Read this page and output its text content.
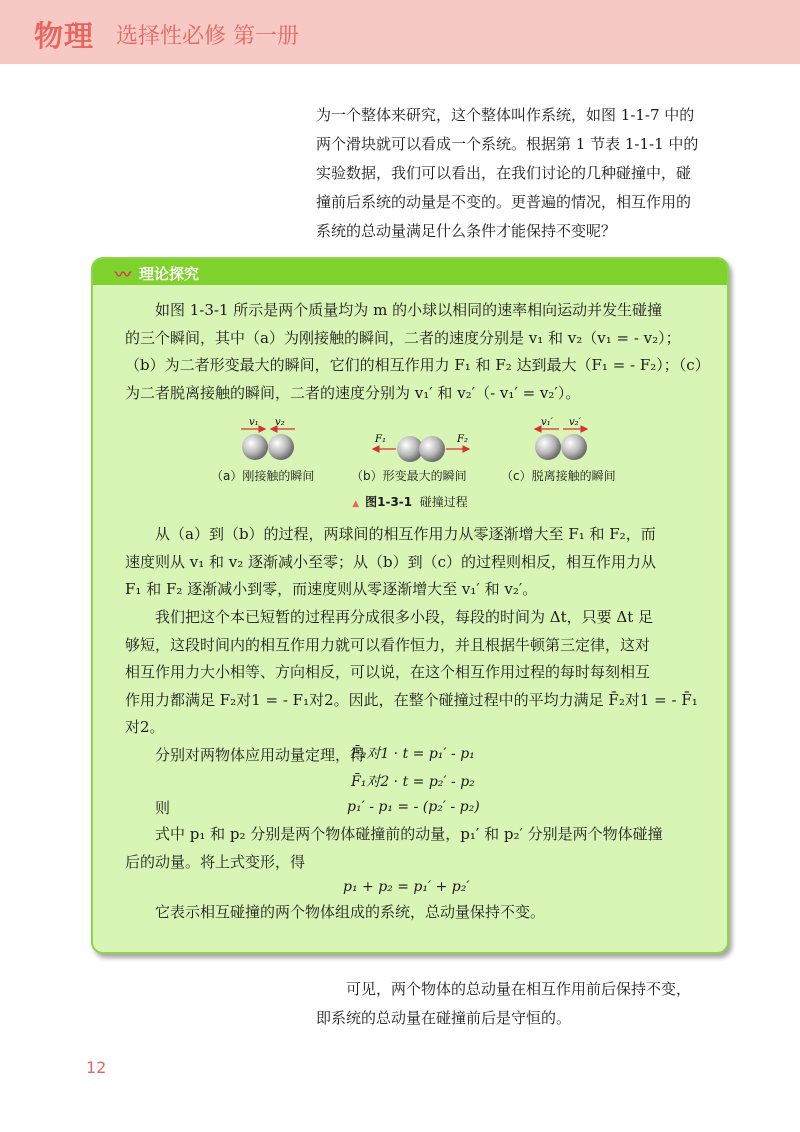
物理 选择性必修 第一册

为一个整体来研究，这个整体叫作系统，如图 1-1-7 中的

两个滑块就可以看成一个系统。根据第 1 节表 1-1-1 中的

实验数据，我们可以看出，在我们讨论的几种碰撞中，碰

撞前后系统的动量是不变的。更普遍的情况，相互作用的

系统的总动量满足什么条件才能保持不变呢？

〰 理论探究
如图 1-3-1 所示是两个质量均为 m 的小球以相同的速率相向运动并发生碰撞
的三个瞬间，其中（a）为刚接触的瞬间，二者的速度分别是 v₁ 和 v₂（v₁ = - v₂）；
（b）为二者形变最大的瞬间，它们的相互作用力 F₁ 和 F₂ 达到最大（F₁ = - F₂）；（c）
为二者脱离接触的瞬间，二者的速度分别为 v₁′ 和 v₂′（- v₁′ = v₂′）。
v₁ v₂
F₁	F₂
v₁′ v₂′
（a）刚接触的瞬间	（b）形变最大的瞬间	（c）脱离接触的瞬间
▲ 图1-3-1 碰撞过程
从（a）到（b）的过程，两球间的相互作用力从零逐渐增大至 F₁ 和 F₂，而
速度则从 v₁ 和 v₂ 逐渐减小至零；从（b）到（c）的过程则相反，相互作用力从
F₁ 和 F₂ 逐渐减小到零，而速度则从零逐渐增大至 v₁′ 和 v₂′。
我们把这个本已短暂的过程再分成很多小段，每段的时间为 Δt，只要 Δt 足
够短，这段时间内的相互作用力就可以看作恒力，并且根据牛顿第三定律，这对
相互作用力大小相等、方向相反，可以说，在这个相互作用过程的每时每刻相互
作用力都满足 F₂对1 = - F₁对2。因此，在整个碰撞过程中的平均力满足 F̄₂对1 = - F̄₁对2。
分别对两物体应用动量定理，得
F̄₂对1 · t = p₁′ - p₁
F̄₁对2 · t = p₂′ - p₂
则	p₁′ - p₁ = - (p₂′ - p₂)
式中 p₁ 和 p₂ 分别是两个物体碰撞前的动量，p₁′ 和 p₂′ 分别是两个物体碰撞
后的动量。将上式变形，得
p₁ + p₂ = p₁′ + p₂′
它表示相互碰撞的两个物体组成的系统，总动量保持不变。

可见，两个物体的总动量在相互作用前后保持不变，

即系统的总动量在碰撞前后是守恒的。

12
